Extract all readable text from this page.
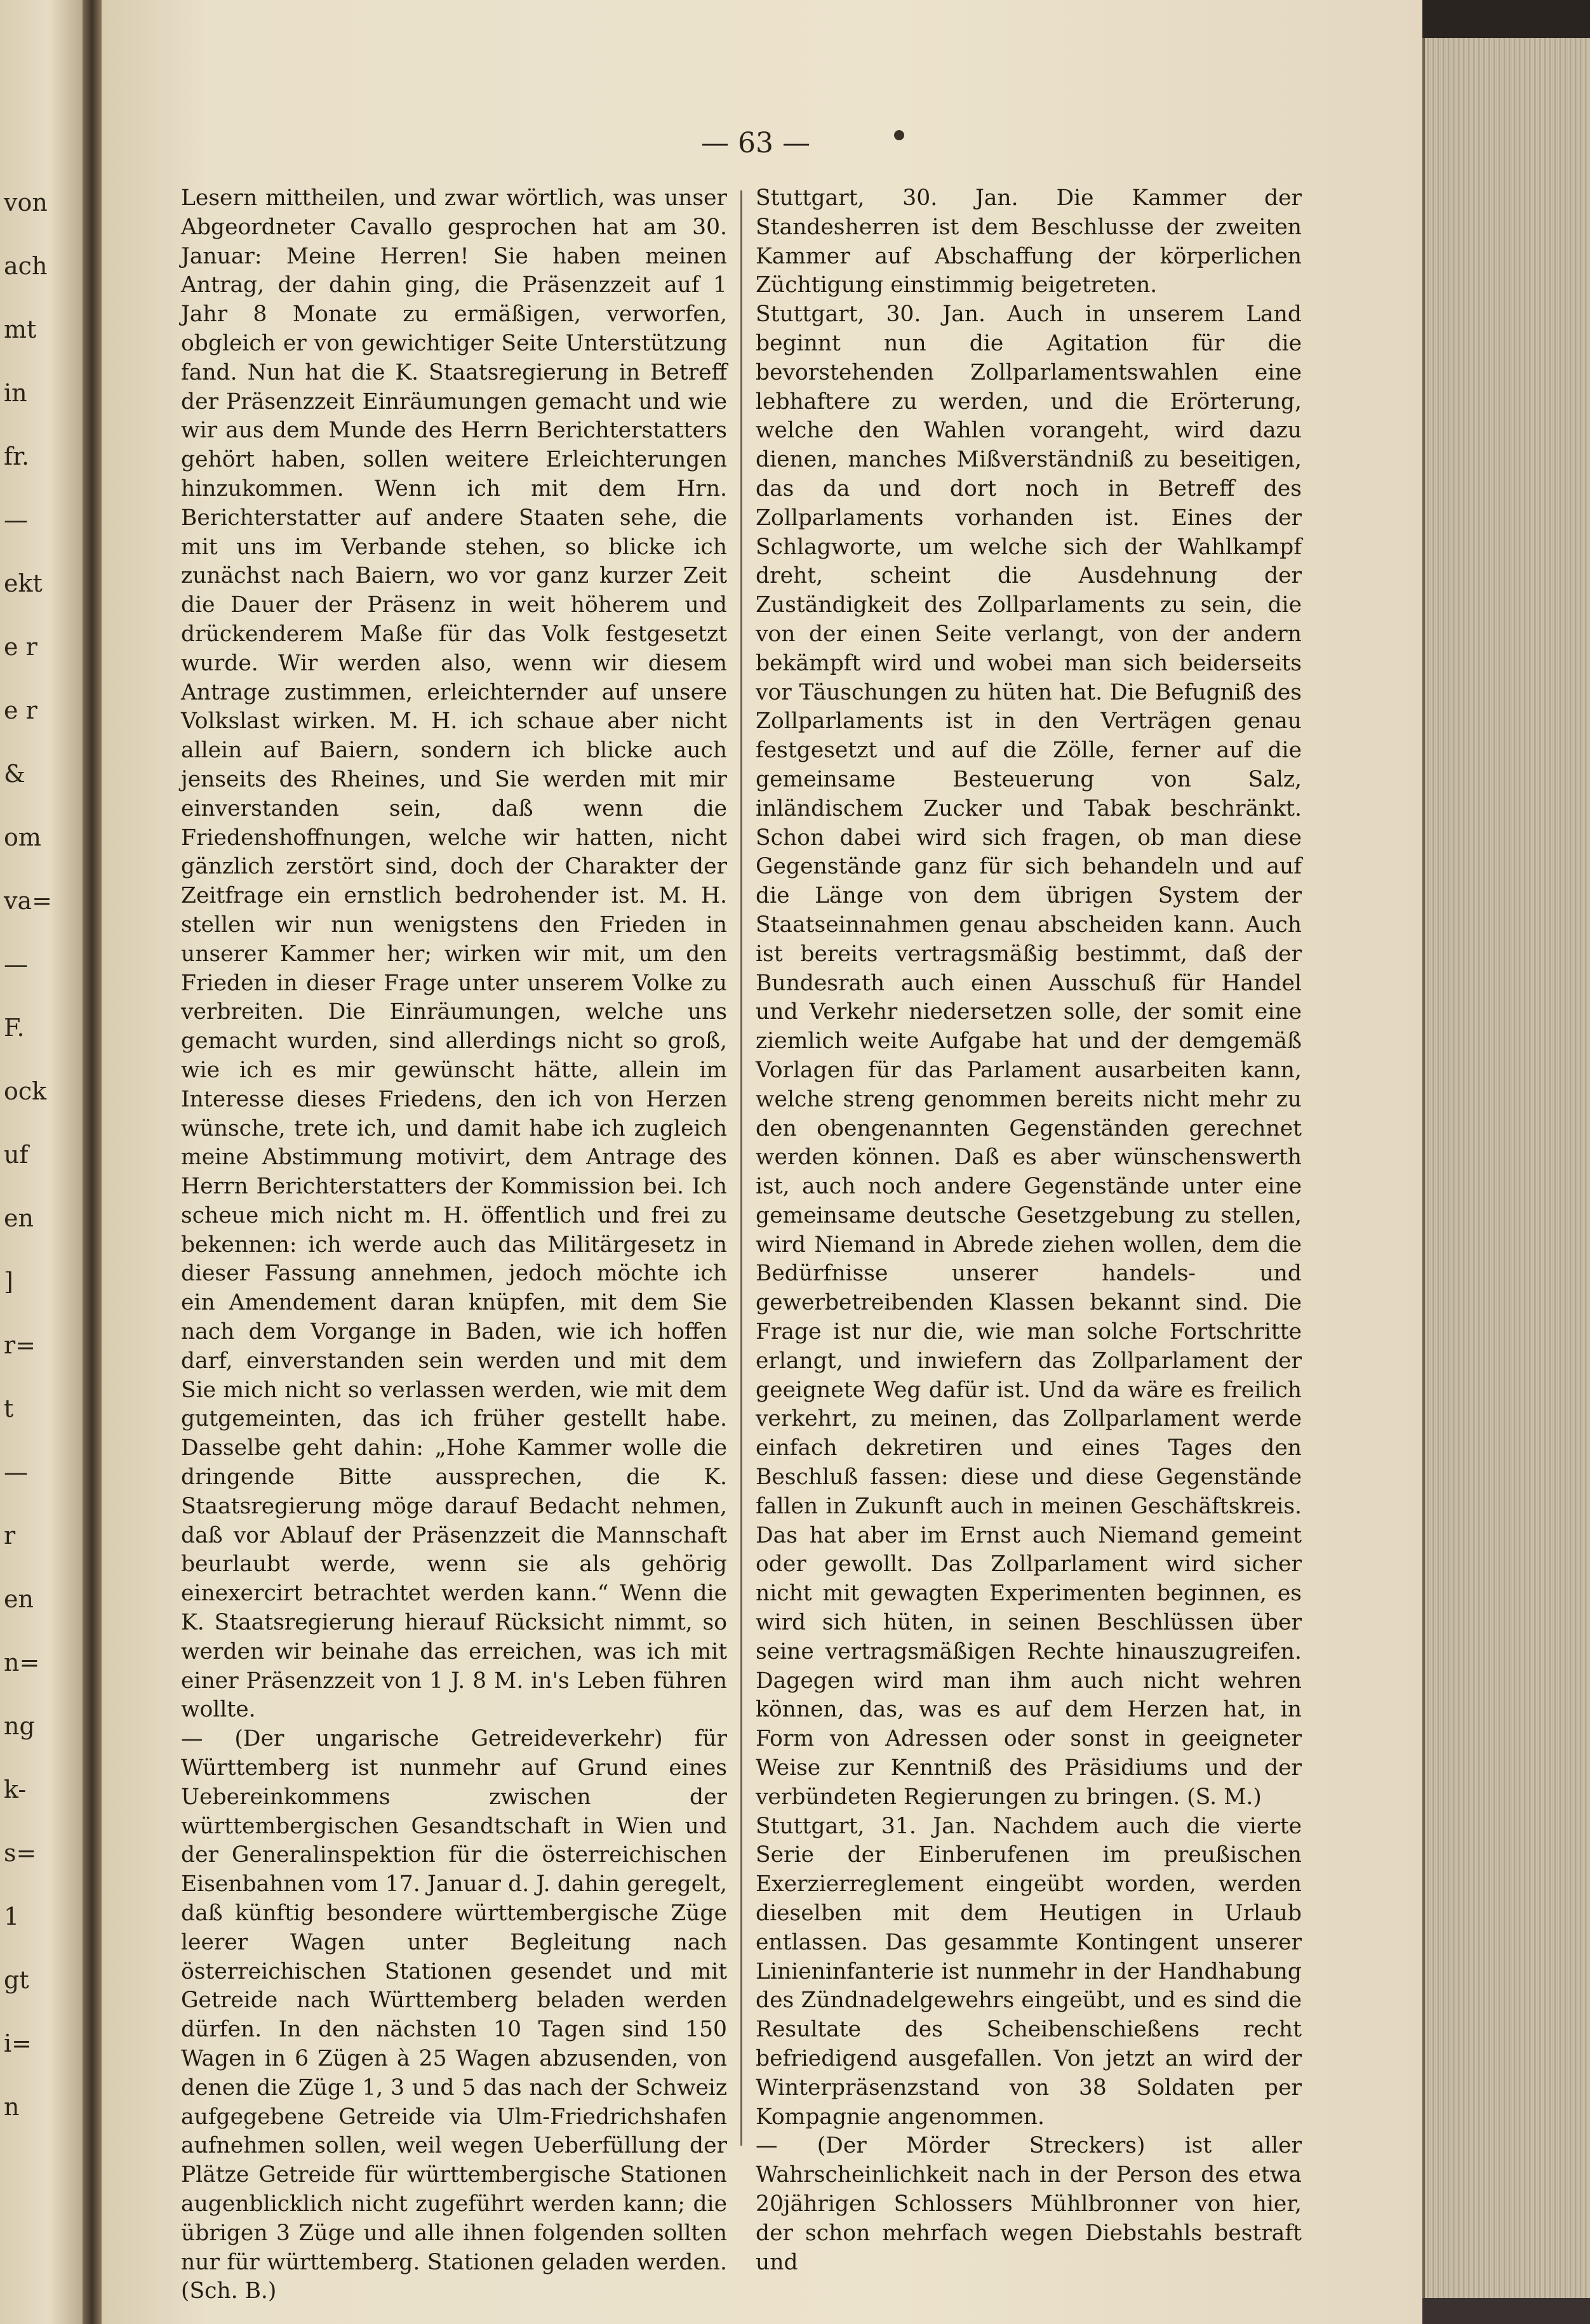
von
ach
mt
in
fr.
—
ekt
e r
e r
&
om
va=
—
F.
ock
uf
en
]
r=
t
—
r
en
n=
ng
k-
s=
1
gt
i=
n
— 63 —

Lesern mittheilen, und zwar wörtlich, was unser Abgeordneter Cavallo gesprochen hat am 30. Januar: Meine Herren! Sie haben meinen Antrag, der dahin ging, die Präsenzzeit auf 1 Jahr 8 Monate zu ermäßigen, verworfen, obgleich er von gewichtiger Seite Unterstützung fand. Nun hat die K. Staatsregierung in Betreff der Präsenzzeit Einräumungen gemacht und wie wir aus dem Munde des Herrn Berichterstatters gehört haben, sollen weitere Erleichterungen hinzukommen. Wenn ich mit dem Hrn. Berichterstatter auf andere Staaten sehe, die mit uns im Verbande stehen, so blicke ich zunächst nach Baiern, wo vor ganz kurzer Zeit die Dauer der Präsenz in weit höherem und drückenderem Maße für das Volk festgesetzt wurde. Wir werden also, wenn wir diesem Antrage zustimmen, erleichternder auf unsere Volkslast wirken. M. H. ich schaue aber nicht allein auf Baiern, sondern ich blicke auch jenseits des Rheines, und Sie werden mit mir einverstanden sein, daß wenn die Friedenshoffnungen, welche wir hatten, nicht gänzlich zerstört sind, doch der Charakter der Zeitfrage ein ernstlich bedrohender ist. M. H. stellen wir nun wenigstens den Frieden in unserer Kammer her; wirken wir mit, um den Frieden in dieser Frage unter unserem Volke zu verbreiten. Die Einräumungen, welche uns gemacht wurden, sind allerdings nicht so groß, wie ich es mir gewünscht hätte, allein im Interesse dieses Friedens, den ich von Herzen wünsche, trete ich, und damit habe ich zugleich meine Abstimmung motivirt, dem Antrage des Herrn Berichterstatters der Kommission bei. Ich scheue mich nicht m. H. öffentlich und frei zu bekennen: ich werde auch das Militärgesetz in dieser Fassung annehmen, jedoch möchte ich ein Amendement daran knüpfen, mit dem Sie nach dem Vorgange in Baden, wie ich hoffen darf, einverstanden sein werden und mit dem Sie mich nicht so verlassen werden, wie mit dem gutgemeinten, das ich früher gestellt habe. Dasselbe geht dahin: „Hohe Kammer wolle die dringende Bitte aussprechen, die K. Staatsregierung möge darauf Bedacht nehmen, daß vor Ablauf der Präsenzzeit die Mannschaft beurlaubt werde, wenn sie als gehörig einexercirt betrachtet werden kann.“ Wenn die K. Staatsregierung hierauf Rücksicht nimmt, so werden wir beinahe das erreichen, was ich mit einer Präsenzzeit von 1 J. 8 M. in's Leben führen wollte.

— (Der ungarische Getreideverkehr) für Württemberg ist nunmehr auf Grund eines Uebereinkommens zwischen der württembergischen Gesandtschaft in Wien und der Generalinspektion für die österreichischen Eisenbahnen vom 17. Januar d. J. dahin geregelt, daß künftig besondere württembergische Züge leerer Wagen unter Begleitung nach österreichischen Stationen gesendet und mit Getreide nach Württemberg beladen werden dürfen. In den nächsten 10 Tagen sind 150 Wagen in 6 Zügen à 25 Wagen abzusenden, von denen die Züge 1, 3 und 5 das nach der Schweiz aufgegebene Getreide via Ulm-Friedrichshafen aufnehmen sollen, weil wegen Ueberfüllung der Plätze Getreide für württembergische Stationen augenblicklich nicht zugeführt werden kann; die übrigen 3 Züge und alle ihnen folgenden sollten nur für württemberg. Stationen geladen werden. (Sch. B.)

Stuttgart, 30. Jan. Die Kammer der Standesherren ist dem Beschlusse der zweiten Kammer auf Abschaffung der körperlichen Züchtigung einstimmig beigetreten.

Stuttgart, 30. Jan. Auch in unserem Land beginnt nun die Agitation für die bevorstehenden Zollparlamentswahlen eine lebhaftere zu werden, und die Erörterung, welche den Wahlen vorangeht, wird dazu dienen, manches Mißverständniß zu beseitigen, das da und dort noch in Betreff des Zollparlaments vorhanden ist. Eines der Schlagworte, um welche sich der Wahlkampf dreht, scheint die Ausdehnung der Zuständigkeit des Zollparlaments zu sein, die von der einen Seite verlangt, von der andern bekämpft wird und wobei man sich beiderseits vor Täuschungen zu hüten hat. Die Befugniß des Zollparlaments ist in den Verträgen genau festgesetzt und auf die Zölle, ferner auf die gemeinsame Besteuerung von Salz, inländischem Zucker und Tabak beschränkt. Schon dabei wird sich fragen, ob man diese Gegenstände ganz für sich behandeln und auf die Länge von dem übrigen System der Staatseinnahmen genau abscheiden kann. Auch ist bereits vertragsmäßig bestimmt, daß der Bundesrath auch einen Ausschuß für Handel und Verkehr niedersetzen solle, der somit eine ziemlich weite Aufgabe hat und der demgemäß Vorlagen für das Parlament ausarbeiten kann, welche streng genommen bereits nicht mehr zu den obengenannten Gegenständen gerechnet werden können. Daß es aber wünschenswerth ist, auch noch andere Gegenstände unter eine gemeinsame deutsche Gesetzgebung zu stellen, wird Niemand in Abrede ziehen wollen, dem die Bedürfnisse unserer handels- und gewerbetreibenden Klassen bekannt sind. Die Frage ist nur die, wie man solche Fortschritte erlangt, und inwiefern das Zollparlament der geeignete Weg dafür ist. Und da wäre es freilich verkehrt, zu meinen, das Zollparlament werde einfach dekretiren und eines Tages den Beschluß fassen: diese und diese Gegenstände fallen in Zukunft auch in meinen Geschäftskreis. Das hat aber im Ernst auch Niemand gemeint oder gewollt. Das Zollparlament wird sicher nicht mit gewagten Experimenten beginnen, es wird sich hüten, in seinen Beschlüssen über seine vertragsmäßigen Rechte hinauszugreifen. Dagegen wird man ihm auch nicht wehren können, das, was es auf dem Herzen hat, in Form von Adressen oder sonst in geeigneter Weise zur Kenntniß des Präsidiums und der verbündeten Regierungen zu bringen. (S. M.)

Stuttgart, 31. Jan. Nachdem auch die vierte Serie der Einberufenen im preußischen Exerzierreglement eingeübt worden, werden dieselben mit dem Heutigen in Urlaub entlassen. Das gesammte Kontingent unserer Linieninfanterie ist nunmehr in der Handhabung des Zündnadelgewehrs eingeübt, und es sind die Resultate des Scheibenschießens recht befriedigend ausgefallen. Von jetzt an wird der Winterpräsenzstand von 38 Soldaten per Kompagnie angenommen.

— (Der Mörder Streckers) ist aller Wahrscheinlichkeit nach in der Person des etwa 20jährigen Schlossers Mühlbronner von hier, der schon mehrfach wegen Diebstahls bestraft und
